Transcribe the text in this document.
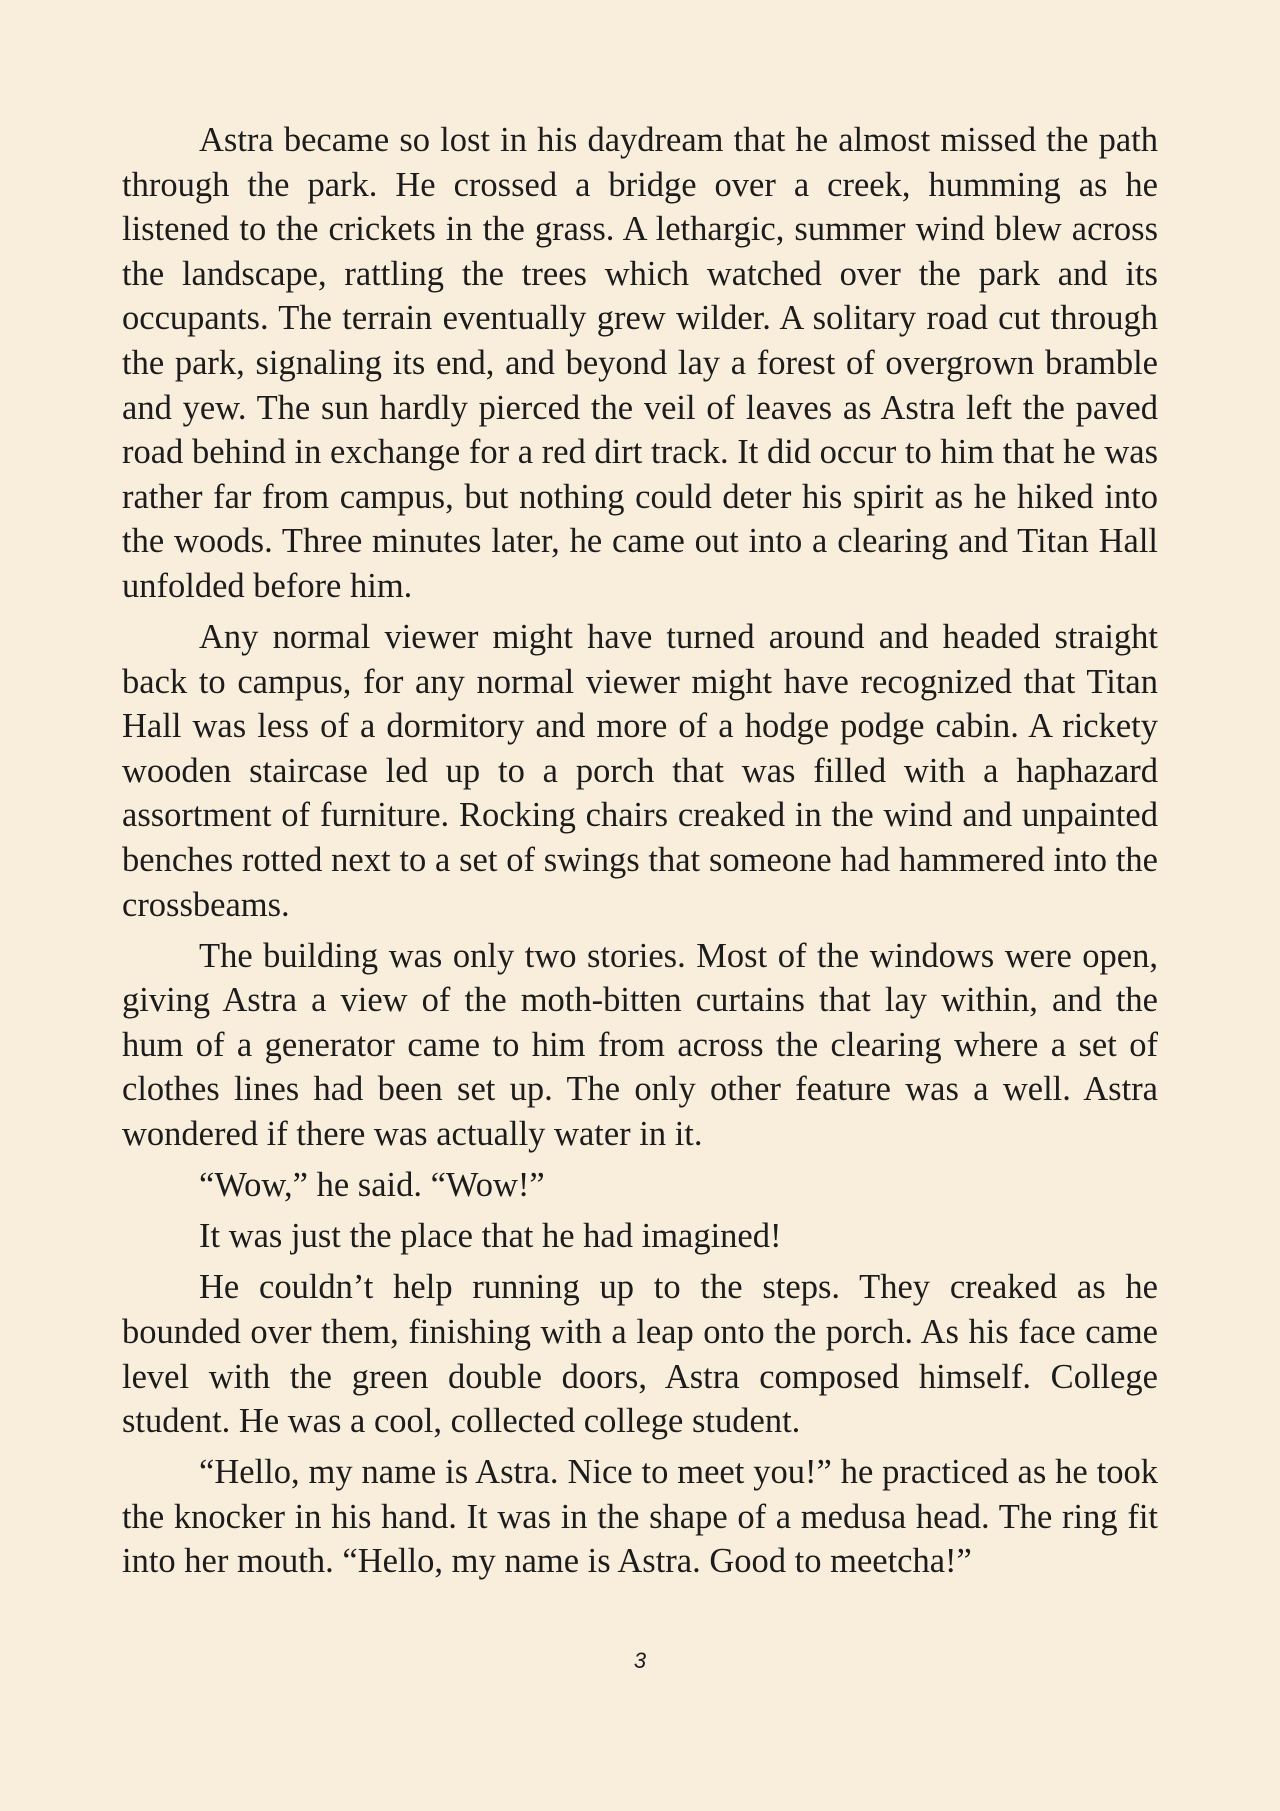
Astra became so lost in his daydream that he almost missed the path through the park. He crossed a bridge over a creek, humming as he listened to the crickets in the grass. A lethargic, summer wind blew across the landscape, rattling the trees which watched over the park and its occupants. The terrain eventually grew wilder. A solitary road cut through the park, signaling its end, and beyond lay a forest of overgrown bramble and yew. The sun hardly pierced the veil of leaves as Astra left the paved road behind in exchange for a red dirt track. It did occur to him that he was rather far from campus, but nothing could deter his spirit as he hiked into the woods. Three minutes later, he came out into a clearing and Titan Hall unfolded before him.

Any normal viewer might have turned around and headed straight back to campus, for any normal viewer might have recognized that Titan Hall was less of a dormitory and more of a hodge podge cabin. A rickety wooden staircase led up to a porch that was filled with a haphazard assortment of furniture. Rocking chairs creaked in the wind and unpainted benches rotted next to a set of swings that someone had hammered into the crossbeams.

The building was only two stories. Most of the windows were open, giving Astra a view of the moth-bitten curtains that lay within, and the hum of a generator came to him from across the clearing where a set of clothes lines had been set up. The only other feature was a well. Astra wondered if there was actually water in it.

“Wow,” he said. “Wow!”

It was just the place that he had imagined!

He couldn’t help running up to the steps. They creaked as he bounded over them, finishing with a leap onto the porch. As his face came level with the green double doors, Astra composed himself. College student. He was a cool, collected college student.

“Hello, my name is Astra. Nice to meet you!” he practiced as he took the knocker in his hand. It was in the shape of a medusa head. The ring fit into her mouth. “Hello, my name is Astra. Good to meetcha!”

3
